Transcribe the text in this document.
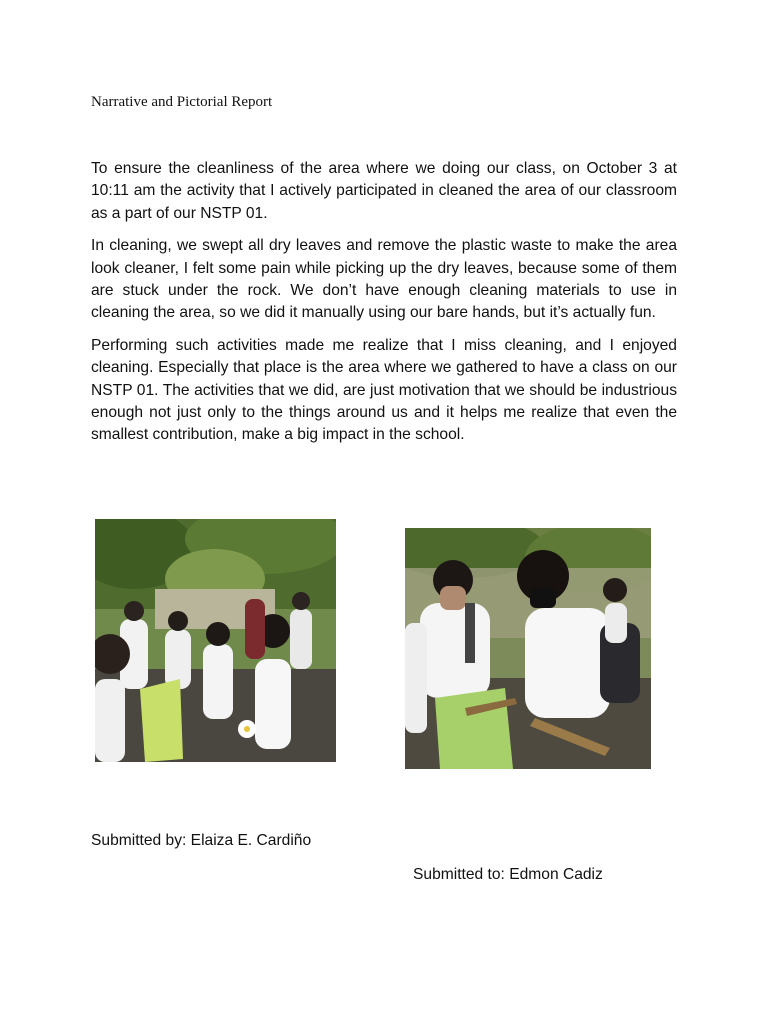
Narrative and Pictorial Report

To ensure the cleanliness of the area where we doing our class, on October 3 at 10:11 am the activity that I actively participated in cleaned the area of our classroom as a part of our NSTP 01.

In cleaning, we swept all dry leaves and remove the plastic waste to make the area look cleaner, I felt some pain while picking up the dry leaves, because some of them are stuck under the rock. We don’t have enough cleaning materials to use in cleaning the area, so we did it manually using our bare hands, but it’s actually fun.

Performing such activities made me realize that I miss cleaning, and I enjoyed cleaning. Especially that place is the area where we gathered to have a class on our NSTP 01. The activities that we did, are just motivation that we should be industrious enough not just only to the things around us and it helps me realize that even the smallest contribution, make a big impact in the school.

Submitted by: Elaiza E. Cardiño
Submitted to: Edmon Cadiz
